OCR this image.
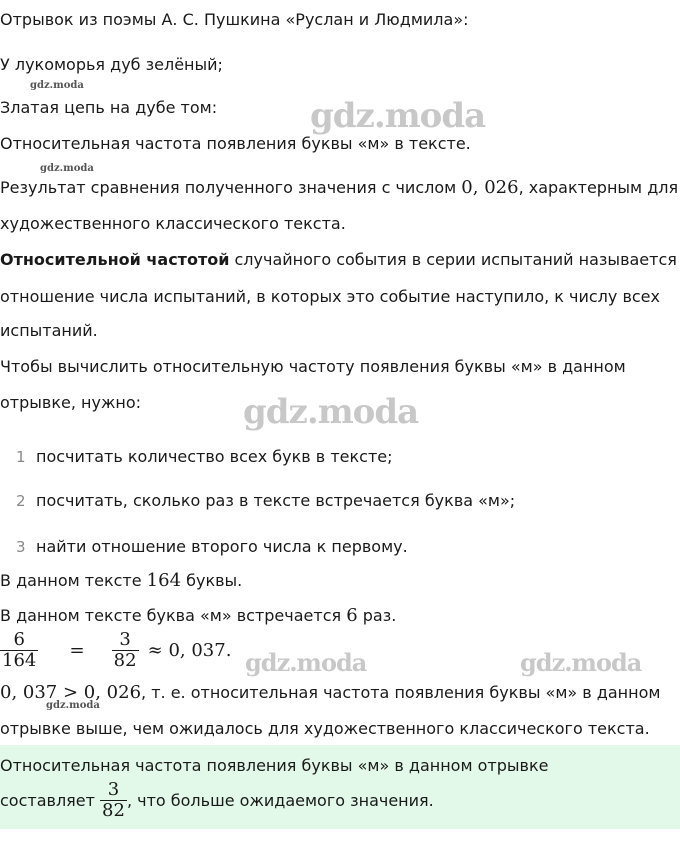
Отрывок из поэмы А. С. Пушкина «Руслан и Людмила»:
У лукоморья дуб зелёный;
Златая цепь на дубе том:
Относительная частота появления буквы «м» в тексте.
Результат сравнения полученного значения с числом 0, 026, характерным для
художественного классического текста.
Относительной частотой случайного события в серии испытаний называется
отношение числа испытаний, в которых это событие наступило, к числу всех
испытаний.
Чтобы вычислить относительную частоту появления буквы «м» в данном
отрывке, нужно:
1 посчитать количество всех букв в тексте;
2 посчитать, сколько раз в тексте встречается буква «м»;
3 найти отношение второго числа к первому.
В данном тексте 164 буквы.
В данном тексте буква «м» встречается 6 раз.
$\frac{6}{164} = \frac{3}{82} \approx 0$, 037.
0, 037 > 0, 026, т. е. относительная частота появления буквы «м» в данном
отрывке выше, чем ожидалось для художественного классического текста.
Относительная частота появления буквы «м» в данном отрывке
составляет $\frac{3}{82}$ , что больше ожидаемого значения.
gdz.moda
gdz.moda
gdz.moda	gdz.moda
gdz.moda
gdz.moda
gdz.moda
